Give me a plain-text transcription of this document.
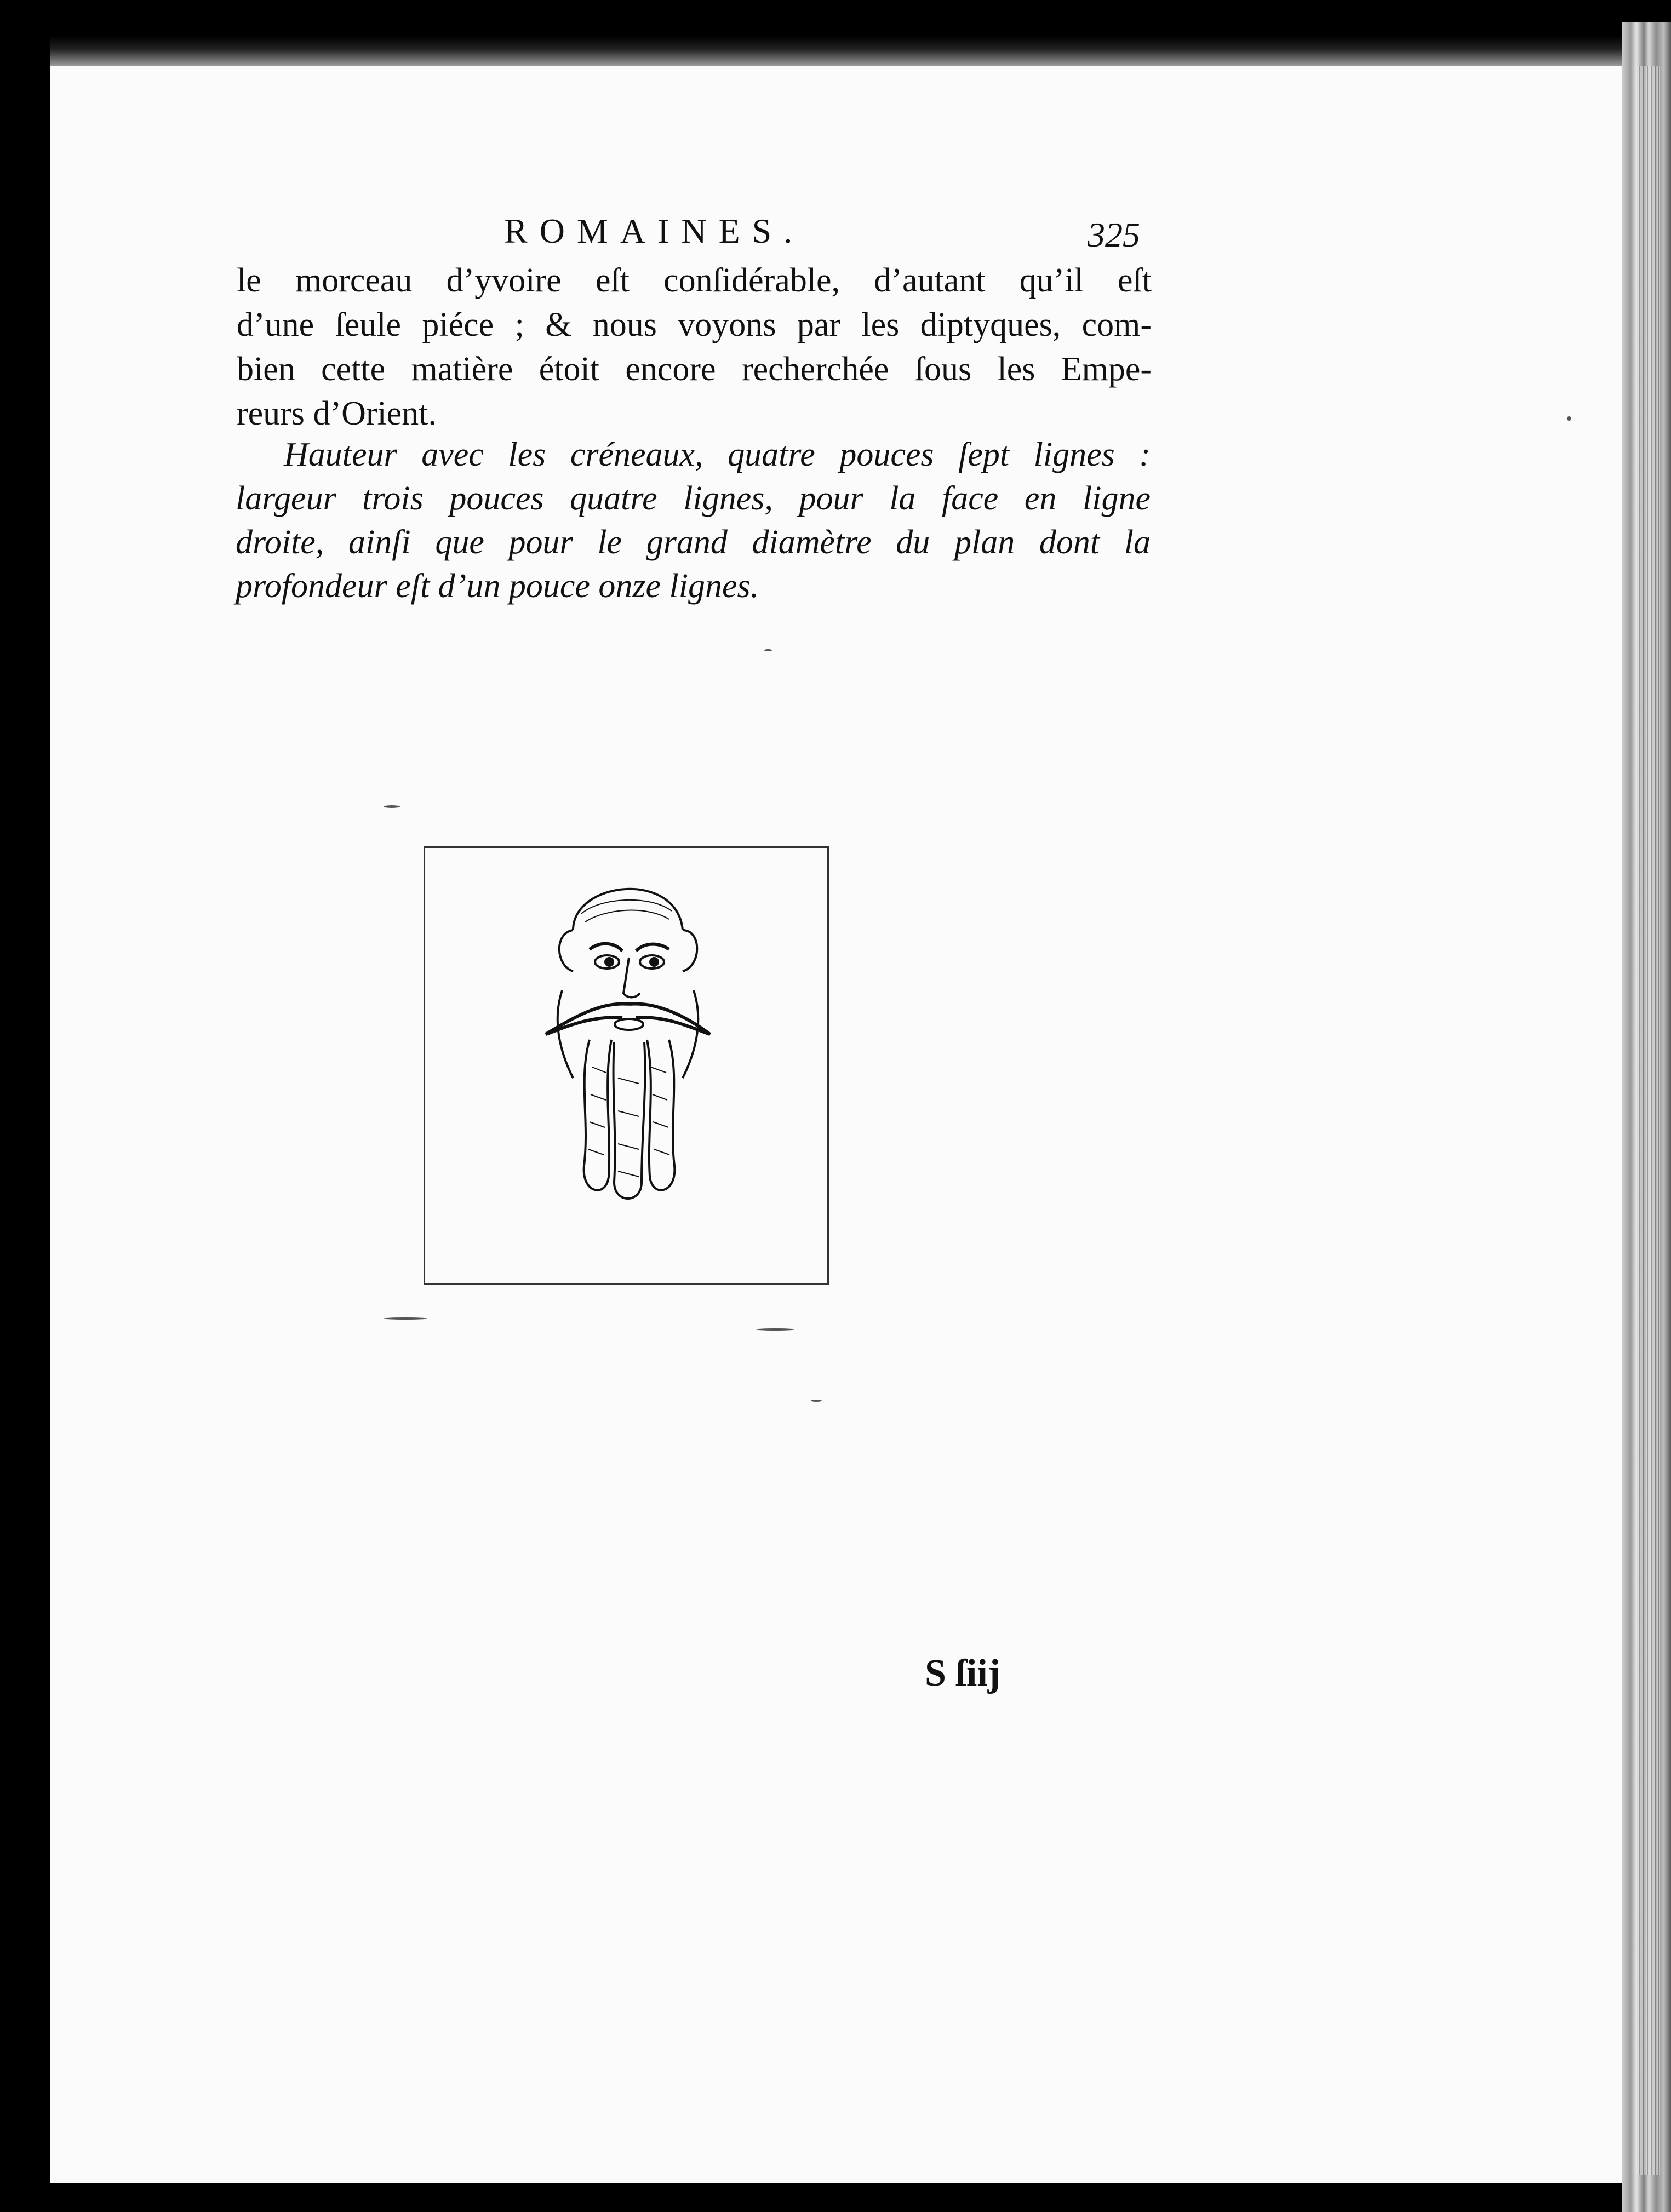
ROMAINES.	325
le morceau d’yvoire eſt conſidérable, d’autant qu’il eſt
d’une ſeule piéce ; & nous voyons par les diptyques, com-
bien cette matière étoit encore recherchée ſous les Empe-
reurs d’Orient.
Hauteur avec les créneaux, quatre pouces ſept lignes :
largeur trois pouces quatre lignes, pour la face en ligne
droite, ainſi que pour le grand diamètre du plan dont la
profondeur eſt d’un pouce onze lignes.
S ſiij
